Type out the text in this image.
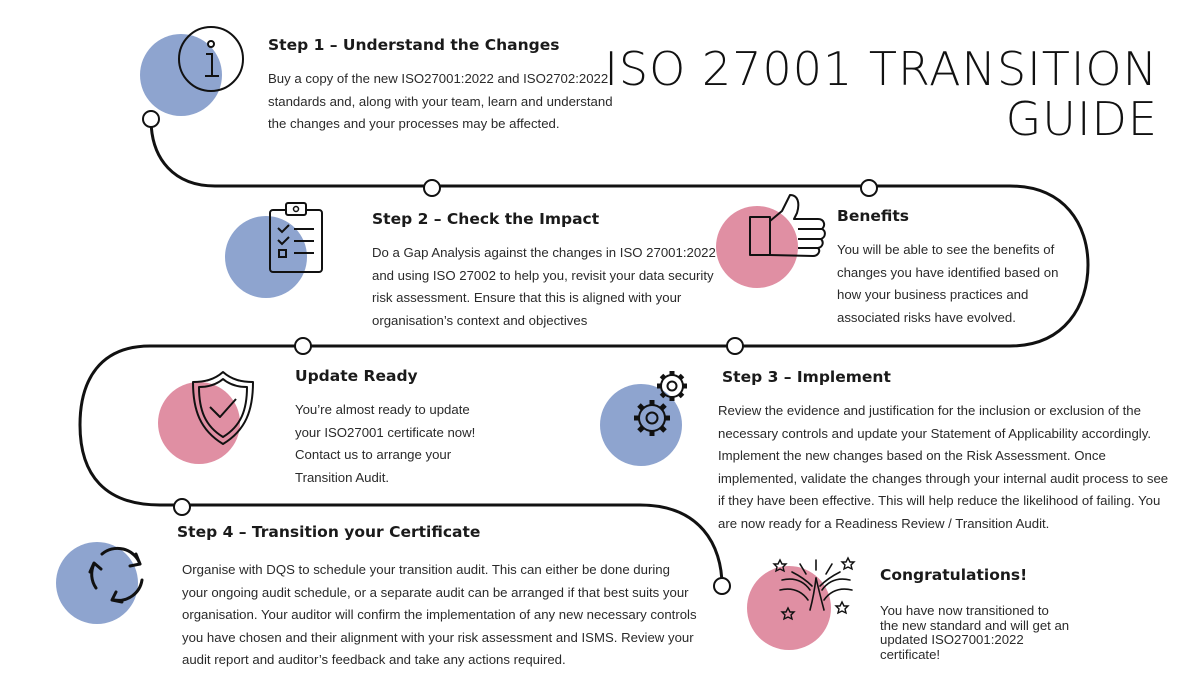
ISO 27001 TRANSITION
GUIDE
Step 1 – Understand the Changes

Buy a copy of the new ISO27001:2022 and ISO2702:2022 standards and, along with your team, learn and understand the changes and your processes may be affected.

Step 2 – Check the Impact

Do a Gap Analysis against the changes in ISO 27001:2022 and using ISO 27002 to help you, revisit your data security risk assessment. Ensure that this is aligned with your organisation’s context and objectives

Benefits

You will be able to see the benefits of changes you have identified based on how your business practices and associated risks have evolved.

Update Ready

You’re almost ready to update your ISO27001 certificate now! Contact us to arrange your Transition Audit.

Step 3 – Implement

Review the evidence and justification for the inclusion or exclusion of the necessary controls and update your Statement of Applicability accordingly. Implement the new changes based on the Risk Assessment. Once implemented, validate the changes through your internal audit process to see if they have been effective. This will help reduce the likelihood of failing. You are now ready for a Readiness Review / Transition Audit.

Step 4 – Transition your Certificate

Organise with DQS to schedule your transition audit. This can either be done during your ongoing audit schedule, or a separate audit can be arranged if that best suits your organisation. Your auditor will confirm the implementation of any new necessary controls you have chosen and their alignment with your risk assessment and ISMS. Review your audit report and auditor’s feedback and take any actions required.

Congratulations!

You have now transitioned to the new standard and will get an updated ISO27001:2022 certificate!
